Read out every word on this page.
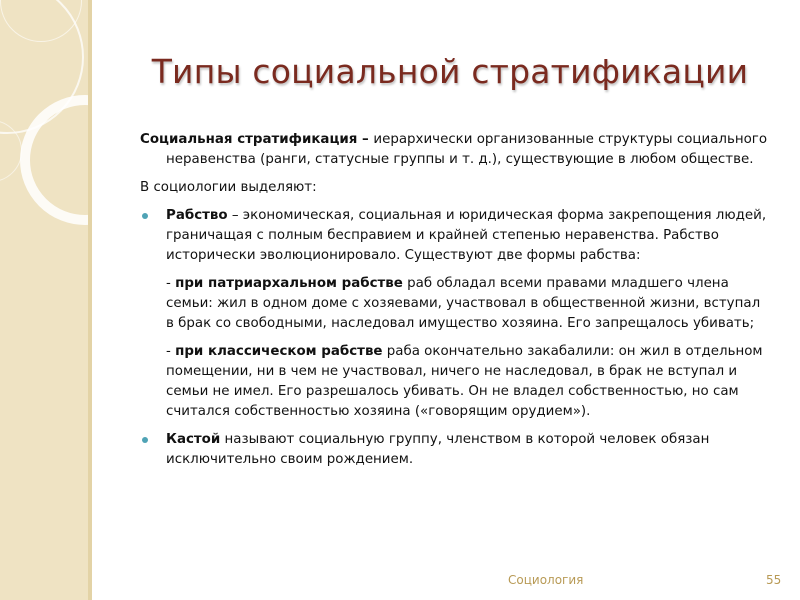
Типы социальной стратификации

Социальная стратификация – иерархически организованные структуры социального неравенства (ранги, статусные группы и т. д.), существующие в любом обществе.

В социологии выделяют:

Рабство – экономическая, социальная и юридическая форма закрепощения людей, граничащая с полным бесправием и крайней степенью неравенства. Рабство исторически эволюционировало. Существуют две формы рабства:

- при патриархальном рабстве раб обладал всеми правами младшего члена семьи: жил в одном доме с хозяевами, участвовал в общественной жизни, вступал в брак со свободными, наследовал имущество хозяина. Его запрещалось убивать;

- при классическом рабстве раба окончательно закабалили: он жил в отдельном помещении, ни в чем не участвовал, ничего не наследовал, в брак не вступал и семьи не имел. Его разрешалось убивать. Он не владел собственностью, но сам считался собственностью хозяина («говорящим орудием»).

Кастой называют социальную группу, членством в которой человек обязан исключительно своим рождением.
Социология	55
